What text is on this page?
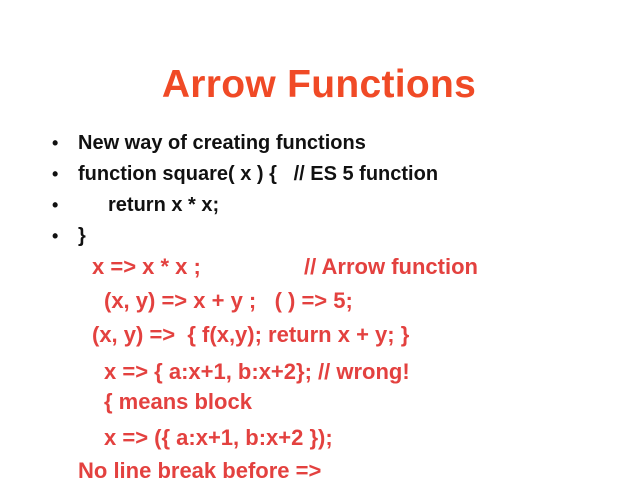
Arrow Functions

•

New way of creating functions

•

function square( x ) {   // ES 5 function

•

return x * x;

•

}

x => x * x ;	// Arrow function
(x, y) => x + y ;   ( ) => 5;
(x, y) =>  { f(x,y); return x + y; }
x => { a:x+1, b:x+2}; // wrong!
{ means block
x => ({ a:x+1, b:x+2 });
No line break before =>
